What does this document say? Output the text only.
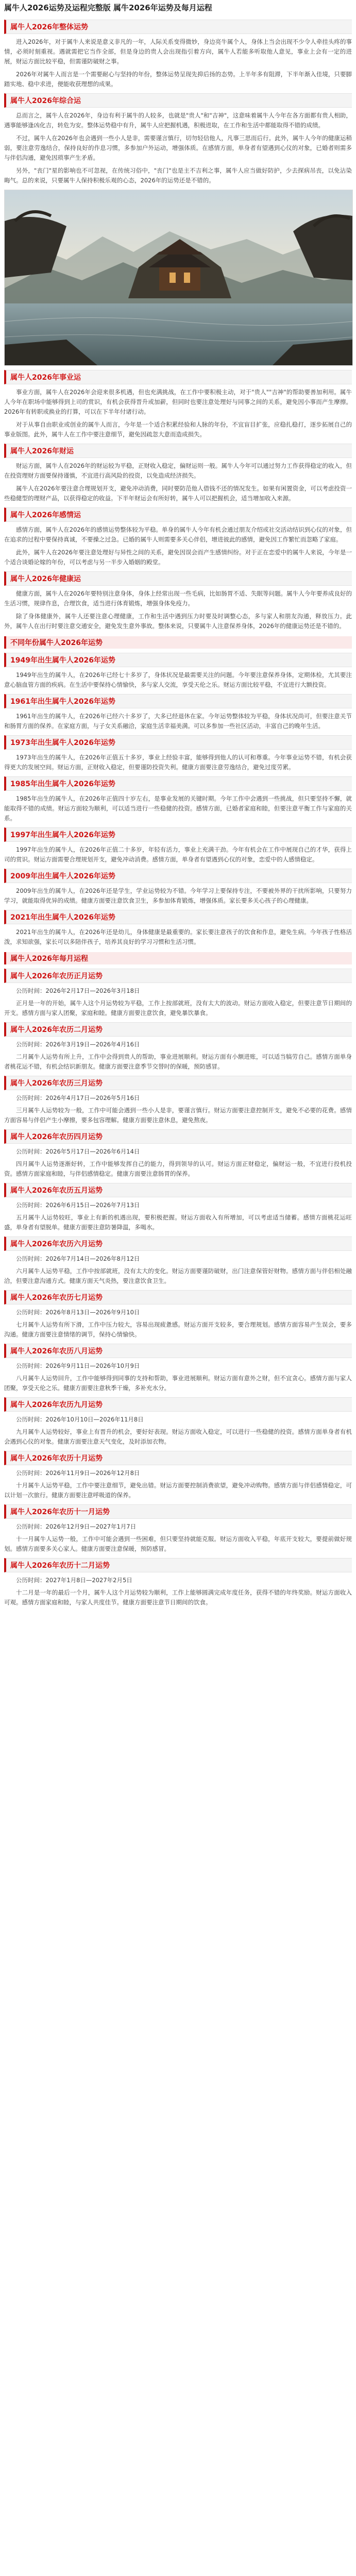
属牛人2026运势及运程完整版 属牛2026年运势及每月运程
属牛人2026年整体运势

进入2026年，对于属牛人来说是意义非凡的一年，人际关系变得微妙，身边亮牛属个人，身体上当会出现不少令人牵挂头疼的事情，必须时刻重视。遇就需把它当作全部，但是身边的贵人会出现指引着方向，属牛人若能多听取他人意见，事业上会有一定的进展，财运方面比较平稳，但需谨防破财之事。

2026年对属牛人而言是一个需要耐心与坚持的年份，整体运势呈现先抑后扬的态势。上半年多有阻滞，下半年渐入佳境，只要脚踏实地、稳中求进，便能收获理想的成果。

属牛人2026年综合运

总而言之，属牛人在2026年，身边有利于属牛的人较多，也就是"贵人"和"吉神"，这意味着属牛人今年在各方面都有贵人相助，遇事能够逢凶化吉，转危为安。整体运势稳中有升，属牛人应把握机遇，积极进取，在工作和生活中都能取得不错的成绩。

不过，属牛人在2026年也会遇到一些小人是非，需要谨言慎行，切勿轻信他人，凡事三思而后行。此外，属牛人今年的健康运稍弱，要注意劳逸结合，保持良好的作息习惯，多参加户外运动，增强体质。在感情方面，单身者有望遇到心仪的对象，已婚者则需多与伴侣沟通，避免因琐事产生矛盾。

另外，"丧门"星的影响也不可忽视，在传统习俗中，"丧门"也是主不吉利之事，属牛人应当做好防护，少去探病吊丧，以免沾染晦气。总的来说，只要属牛人保持积极乐观的心态，2026年的运势还是不错的。

属牛人2026年事业运

事业方面，属牛人在2026年会迎来很多机遇，但也充满挑战，在工作中要积极主动，对于"贵人""吉神"的帮助要善加利用。属牛人今年在职场中能够得到上司的赏识，有机会获得晋升或加薪，但同时也要注意处理好与同事之间的关系，避免因小事而产生摩擦。2026年有转职或换业的打算，可以在下半年付诸行动。

对于从事自由职业或创业的属牛人而言，今年是一个适合积累经验和人脉的年份，不宜盲目扩张，应稳扎稳打，逐步拓展自己的事业版图。此外，属牛人在工作中要注意细节，避免因疏忽大意而造成损失。

属牛人2026年财运

财运方面，属牛人在2026年的财运较为平稳，正财收入稳定，偏财运则一般。属牛人今年可以通过努力工作获得稳定的收入，但在投资理财方面要保持谨慎，不宜进行高风险的投资，以免造成经济损失。

属牛人在2026年要注意合理规划开支，避免冲动消费，同时要防范他人借钱不还的情况发生。如果有闲置资金，可以考虑投资一些稳健型的理财产品，以获得稳定的收益。下半年财运会有所好转，属牛人可以把握机会，适当增加收入来源。

属牛人2026年感情运

感情方面，属牛人在2026年的感情运势整体较为平稳。单身的属牛人今年有机会通过朋友介绍或社交活动结识到心仪的对象，但在追求的过程中要保持真诚，不要操之过急。已婚的属牛人则需要多关心伴侣，增进彼此的感情，避免因工作繁忙而忽略了家庭。

此外，属牛人在2026年要注意处理好与异性之间的关系，避免因误会而产生感情纠纷。对于正在恋爱中的属牛人来说，今年是一个适合谈婚论嫁的年份，可以考虑与另一半步入婚姻的殿堂。

属牛人2026年健康运

健康方面，属牛人在2026年要特别注意身体，身体上经常出现一些毛病，比如肠胃不适、失眠等问题。属牛人今年要养成良好的生活习惯，规律作息，合理饮食，适当进行体育锻炼，增强身体免疫力。

除了身体健康外，属牛人还要注意心理健康，工作和生活中遇到压力时要及时调整心态，多与家人和朋友沟通，释放压力。此外，属牛人在出行时要注意交通安全，避免发生意外事故。整体来说，只要属牛人注意保养身体，2026年的健康运势还是不错的。

不同年份属牛人2026年运势
1949年出生属牛人2026年运势

1949年出生的属牛人，在2026年已经七十多岁了，身体状况是最需要关注的问题。今年要注意保养身体，定期体检，尤其要注意心脑血管方面的疾病。在生活中要保持心情愉快，多与家人交流，享受天伦之乐。财运方面比较平稳，不宜进行大额投资。

1961年出生属牛人2026年运势

1961年出生的属牛人，在2026年已经六十多岁了，大多已经退休在家。今年运势整体较为平稳，身体状况尚可，但要注意关节和肠胃方面的保养。在家庭方面，与子女关系融洽，家庭生活幸福美满。可以多参加一些社区活动，丰富自己的晚年生活。

1973年出生属牛人2026年运势

1973年出生的属牛人，在2026年正值五十多岁，事业上经验丰富，能够得到他人的认可和尊重。今年事业运势不错，有机会获得更大的发展空间。财运方面，正财收入稳定，但要谨防投资失利。健康方面要注意劳逸结合，避免过度劳累。

1985年出生属牛人2026年运势

1985年出生的属牛人，在2026年正值四十岁左右，是事业发展的关键时期。今年工作中会遇到一些挑战，但只要坚持不懈，就能取得不错的成绩。财运方面较为顺利，可以适当进行一些稳健的投资。感情方面，已婚者家庭和睦，但要注意平衡工作与家庭的关系。

1997年出生属牛人2026年运势

1997年出生的属牛人，在2026年正值二十多岁，年轻有活力，事业上充满干劲。今年有机会在工作中展现自己的才华，获得上司的赏识。财运方面需要合理规划开支，避免冲动消费。感情方面，单身者有望遇到心仪的对象，恋爱中的人感情稳定。

2009年出生属牛人2026年运势

2009年出生的属牛人，在2026年还是学生，学业运势较为不错。今年学习上要保持专注，不要被外界的干扰所影响，只要努力学习，就能取得优异的成绩。健康方面要注意饮食卫生，多参加体育锻炼，增强体质。家长要多关心孩子的心理健康。

2021年出生属牛人2026年运势

2021年出生的属牛人，在2026年还是幼儿，身体健康是最重要的。家长要注意孩子的饮食和作息，避免生病。今年孩子性格活泼，求知欲强，家长可以多陪伴孩子，培养其良好的学习习惯和生活习惯。

属牛人2026年每月运程
属牛人2026年农历正月运势

公历时间：2026年2月17日—2026年3月18日

正月是一年的开始，属牛人这个月运势较为平稳，工作上按部就班，没有太大的波动。财运方面收入稳定，但要注意节日期间的开支。感情方面与家人团聚，家庭和睦。健康方面要注意饮食，避免暴饮暴食。

属牛人2026年农历二月运势

公历时间：2026年3月19日—2026年4月16日

二月属牛人运势有所上升，工作中会得到贵人的帮助，事业进展顺利。财运方面有小额进账，可以适当犒劳自己。感情方面单身者桃花运不错，有机会结识新朋友。健康方面要注意季节交替时的保暖，预防感冒。

属牛人2026年农历三月运势

公历时间：2026年4月17日—2026年5月16日

三月属牛人运势较为一般，工作中可能会遇到一些小人是非，要谨言慎行。财运方面要注意控制开支，避免不必要的花费。感情方面容易与伴侣产生小摩擦，要多包容理解。健康方面要注意休息，避免熬夜。

属牛人2026年农历四月运势

公历时间：2026年5月17日—2026年6月14日

四月属牛人运势逐渐好转，工作中能够发挥自己的能力，得到领导的认可。财运方面正财稳定，偏财运一般，不宜进行投机投资。感情方面家庭和睦，与伴侣感情稳定。健康方面要注意肠胃的保养。

属牛人2026年农历五月运势

公历时间：2026年6月15日—2026年7月13日

五月属牛人运势较旺，事业上有新的机遇出现，要积极把握。财运方面收入有所增加，可以考虑适当储蓄。感情方面桃花运旺盛，单身者有望脱单。健康方面要注意防暑降温，多喝水。

属牛人2026年农历六月运势

公历时间：2026年7月14日—2026年8月12日

六月属牛人运势平稳，工作中按部就班，没有太大的变化。财运方面要谨防破财，出门注意保管好财物。感情方面与伴侣相处融洽，但要注意沟通方式。健康方面天气炎热，要注意饮食卫生。

属牛人2026年农历七月运势

公历时间：2026年8月13日—2026年9月10日

七月属牛人运势有所下滑，工作中压力较大，容易出现疲惫感。财运方面开支较多，要合理规划。感情方面容易产生误会，要多沟通。健康方面要注意情绪的调节，保持心情愉快。

属牛人2026年农历八月运势

公历时间：2026年9月11日—2026年10月9日

八月属牛人运势回升，工作中能够得到同事的支持和帮助，事业进展顺利。财运方面有意外之财，但不宜贪心。感情方面与家人团聚，享受天伦之乐。健康方面要注意秋季干燥，多补充水分。

属牛人2026年农历九月运势

公历时间：2026年10月10日—2026年11月8日

九月属牛人运势较好，事业上有晋升的机会，要好好表现。财运方面收入稳定，可以进行一些稳健的投资。感情方面单身者有机会遇到心仪的对象。健康方面要注意天气变化，及时添加衣物。

属牛人2026年农历十月运势

公历时间：2026年11月9日—2026年12月8日

十月属牛人运势平稳，工作中要注意细节，避免出错。财运方面要控制消费欲望，避免冲动购物。感情方面与伴侣感情稳定，可以计划一次旅行。健康方面要注意呼吸道的保养。

属牛人2026年农历十一月运势

公历时间：2026年12月9日—2027年1月7日

十一月属牛人运势一般，工作中可能会遇到一些困难，但只要坚持就能克服。财运方面收入平稳，年底开支较大，要提前做好规划。感情方面要多关心家人。健康方面要注意保暖，预防感冒。

属牛人2026年农历十二月运势

公历时间：2027年1月8日—2027年2月5日

十二月是一年的最后一个月，属牛人这个月运势较为顺利，工作上能够圆满完成年度任务，获得不错的年终奖励。财运方面收入可观。感情方面家庭和睦，与家人共度佳节。健康方面要注意节日期间的饮食。
